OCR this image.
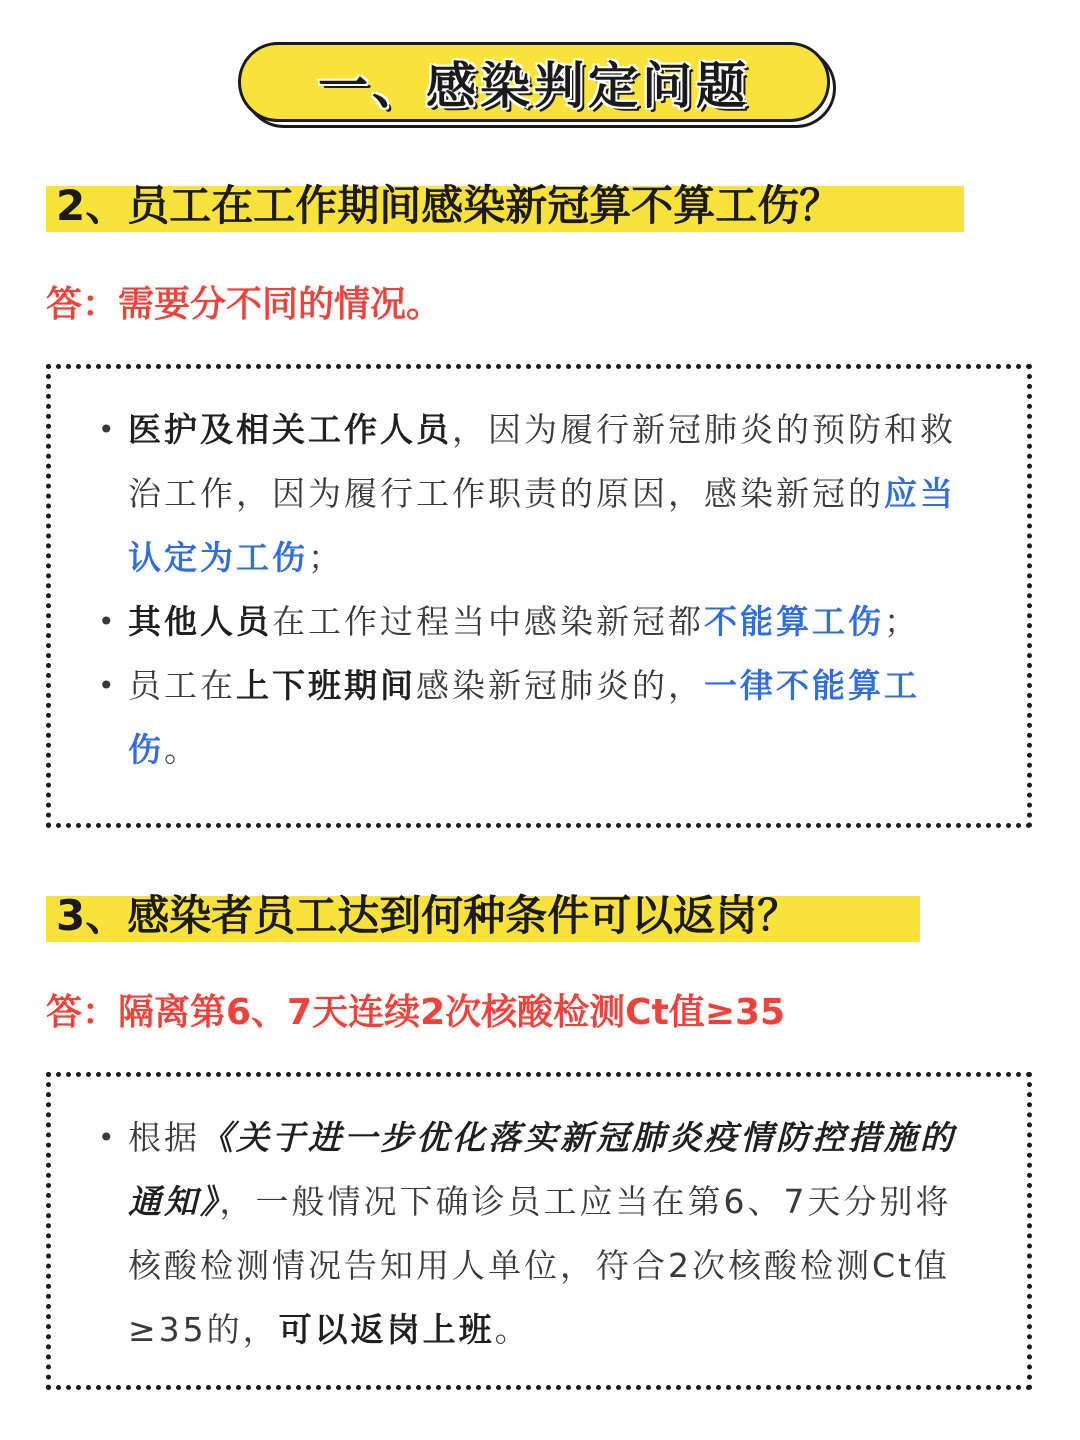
一、感染判定问题
2、员工在工作期间感染新冠算不算工伤？
答：需要分不同的情况。
• 医护及相关工作人员，因为履行新冠肺炎的预防和救治工作，因为履行工作职责的原因，感染新冠的应当认定为工伤；
• 其他人员在工作过程当中感染新冠都不能算工伤；
• 员工在上下班期间感染新冠肺炎的，一律不能算工伤。
3、感染者员工达到何种条件可以返岗？
答：隔离第6、7天连续2次核酸检测Ct值≥35
• 根据《关于进一步优化落实新冠肺炎疫情防控措施的通知》，一般情况下确诊员工应当在第6、7天分别将核酸检测情况告知用人单位，符合2次核酸检测Ct值≥35的，可以返岗上班。
